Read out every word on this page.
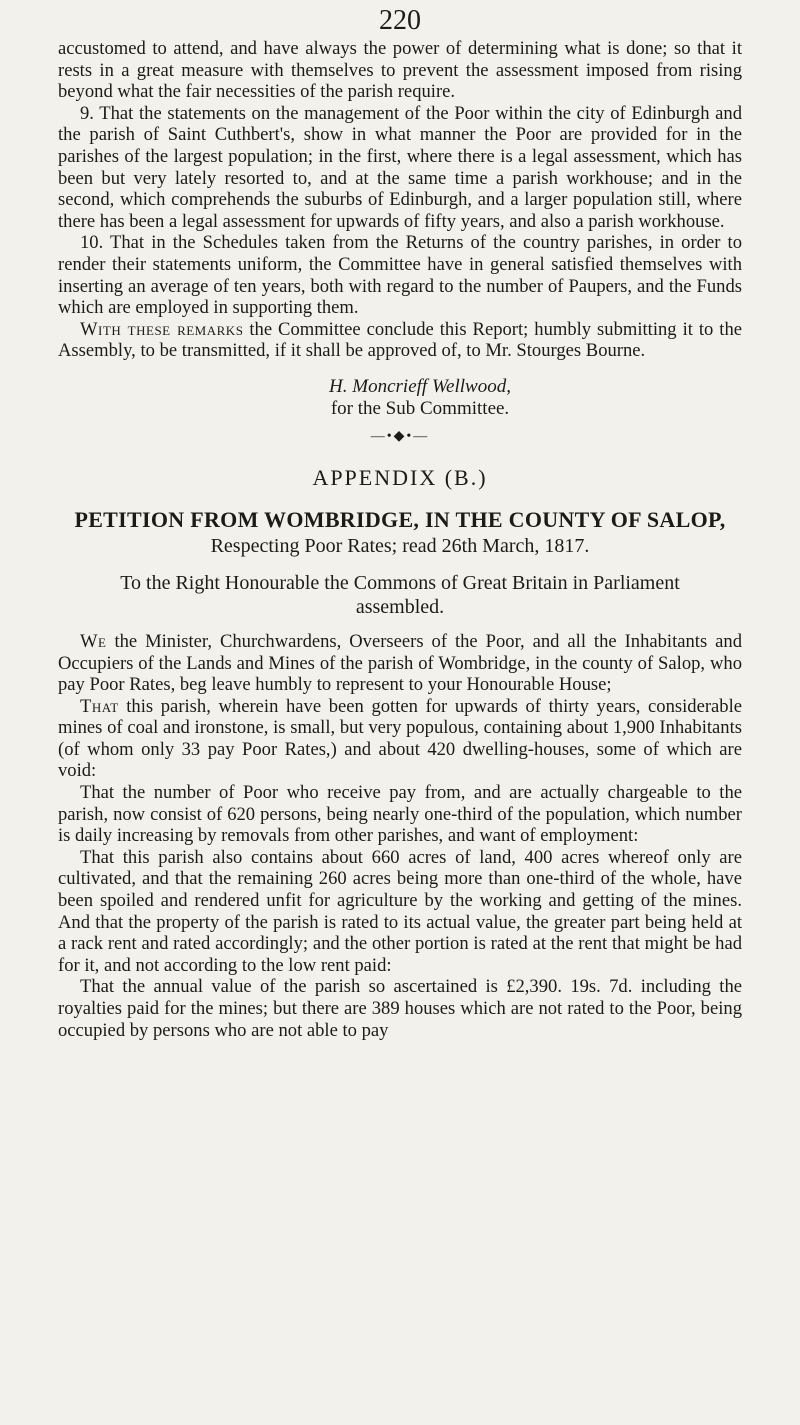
220

accustomed to attend, and have always the power of determining what is done; so that it rests in a great measure with themselves to prevent the assessment imposed from rising beyond what the fair necessities of the parish require.

9. That the statements on the management of the Poor within the city of Edinburgh and the parish of Saint Cuthbert's, show in what manner the Poor are provided for in the parishes of the largest population; in the first, where there is a legal assessment, which has been but very lately resorted to, and at the same time a parish workhouse; and in the second, which comprehends the suburbs of Edinburgh, and a larger population still, where there has been a legal assessment for upwards of fifty years, and also a parish workhouse.

10. That in the Schedules taken from the Returns of the country parishes, in order to render their statements uniform, the Committee have in general satisfied themselves with inserting an average of ten years, both with regard to the number of Paupers, and the Funds which are employed in supporting them.

With these remarks the Committee conclude this Report; humbly submitting it to the Assembly, to be transmitted, if it shall be approved of, to Mr. Stourges Bourne.

H. Moncrieff Wellwood,
for the Sub Committee.
—•◆•—
APPENDIX (B.)
PETITION FROM WOMBRIDGE, IN THE COUNTY OF SALOP,
Respecting Poor Rates; read 26th March, 1817.
To the Right Honourable the Commons of Great Britain in Parliament assembled.

We the Minister, Churchwardens, Overseers of the Poor, and all the Inhabitants and Occupiers of the Lands and Mines of the parish of Wombridge, in the county of Salop, who pay Poor Rates, beg leave humbly to represent to your Honourable House;

That this parish, wherein have been gotten for upwards of thirty years, considerable mines of coal and ironstone, is small, but very populous, containing about 1,900 Inhabitants (of whom only 33 pay Poor Rates,) and about 420 dwelling-houses, some of which are void:

That the number of Poor who receive pay from, and are actually chargeable to the parish, now consist of 620 persons, being nearly one-third of the population, which number is daily increasing by removals from other parishes, and want of employment:

That this parish also contains about 660 acres of land, 400 acres whereof only are cultivated, and that the remaining 260 acres being more than one-third of the whole, have been spoiled and rendered unfit for agriculture by the working and getting of the mines. And that the property of the parish is rated to its actual value, the greater part being held at a rack rent and rated accordingly; and the other portion is rated at the rent that might be had for it, and not according to the low rent paid:

That the annual value of the parish so ascertained is £2,390. 19s. 7d. including the royalties paid for the mines; but there are 389 houses which are not rated to the Poor, being occupied by persons who are not able to pay
